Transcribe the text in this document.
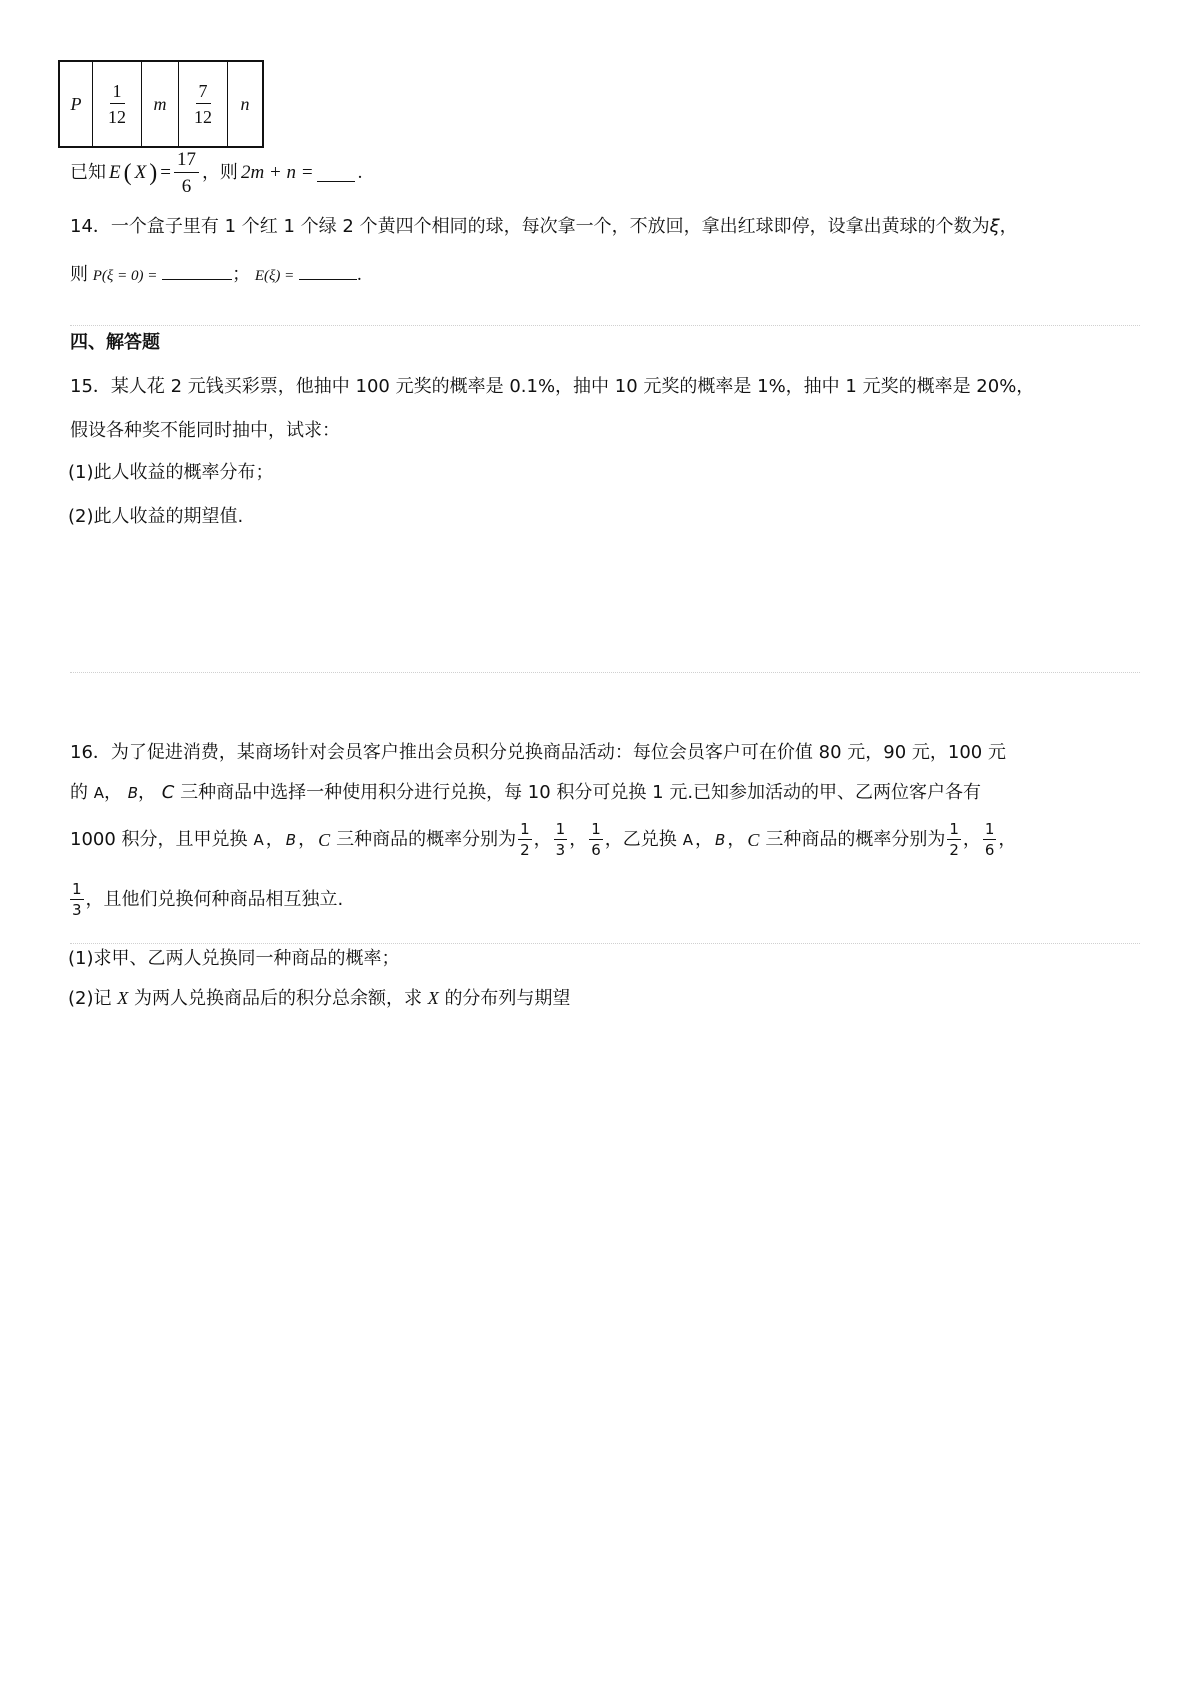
P	$\frac{1}{12}$	m	$\frac{7}{12}$	n
已知 E ( X ) = $\frac{17}{6}$ ，则 2m + n = .
14．一个盒子里有 1 个红 1 个绿 2 个黄四个相同的球，每次拿一个，不放回，拿出红球即停，设拿出黄球的个数为ξ，
则 P(ξ = 0) =	； E(ξ) =	.
四、解答题
15．某人花 2 元钱买彩票，他抽中 100 元奖的概率是 0.1%，抽中 10 元奖的概率是 1%，抽中 1 元奖的概率是 20%，
假设各种奖不能同时抽中，试求：
(1)此人收益的概率分布；
(2)此人收益的期望值.
16．为了促进消费，某商场针对会员客户推出会员积分兑换商品活动：每位会员客户可在价值 80 元，90 元，100 元
的 A， B， C 三种商品中选择一种使用积分进行兑换，每 10 积分可兑换 1 元.已知参加活动的甲、乙两位客户各有
1000 积分，且甲兑换 A ， B ， C 三种商品的概率分别为 $\frac{1}{2}$ ， $\frac{1}{3}$ ， $\frac{1}{6}$ ，乙兑换 A ， B ， C 三种商品的概率分别为 $\frac{1}{2}$ ， $\frac{1}{6}$ ，
$\frac{1}{3}$ ，且他们兑换何种商品相互独立.
(1)求甲、乙两人兑换同一种商品的概率；
(2)记 X 为两人兑换商品后的积分总余额，求 X 的分布列与期望
